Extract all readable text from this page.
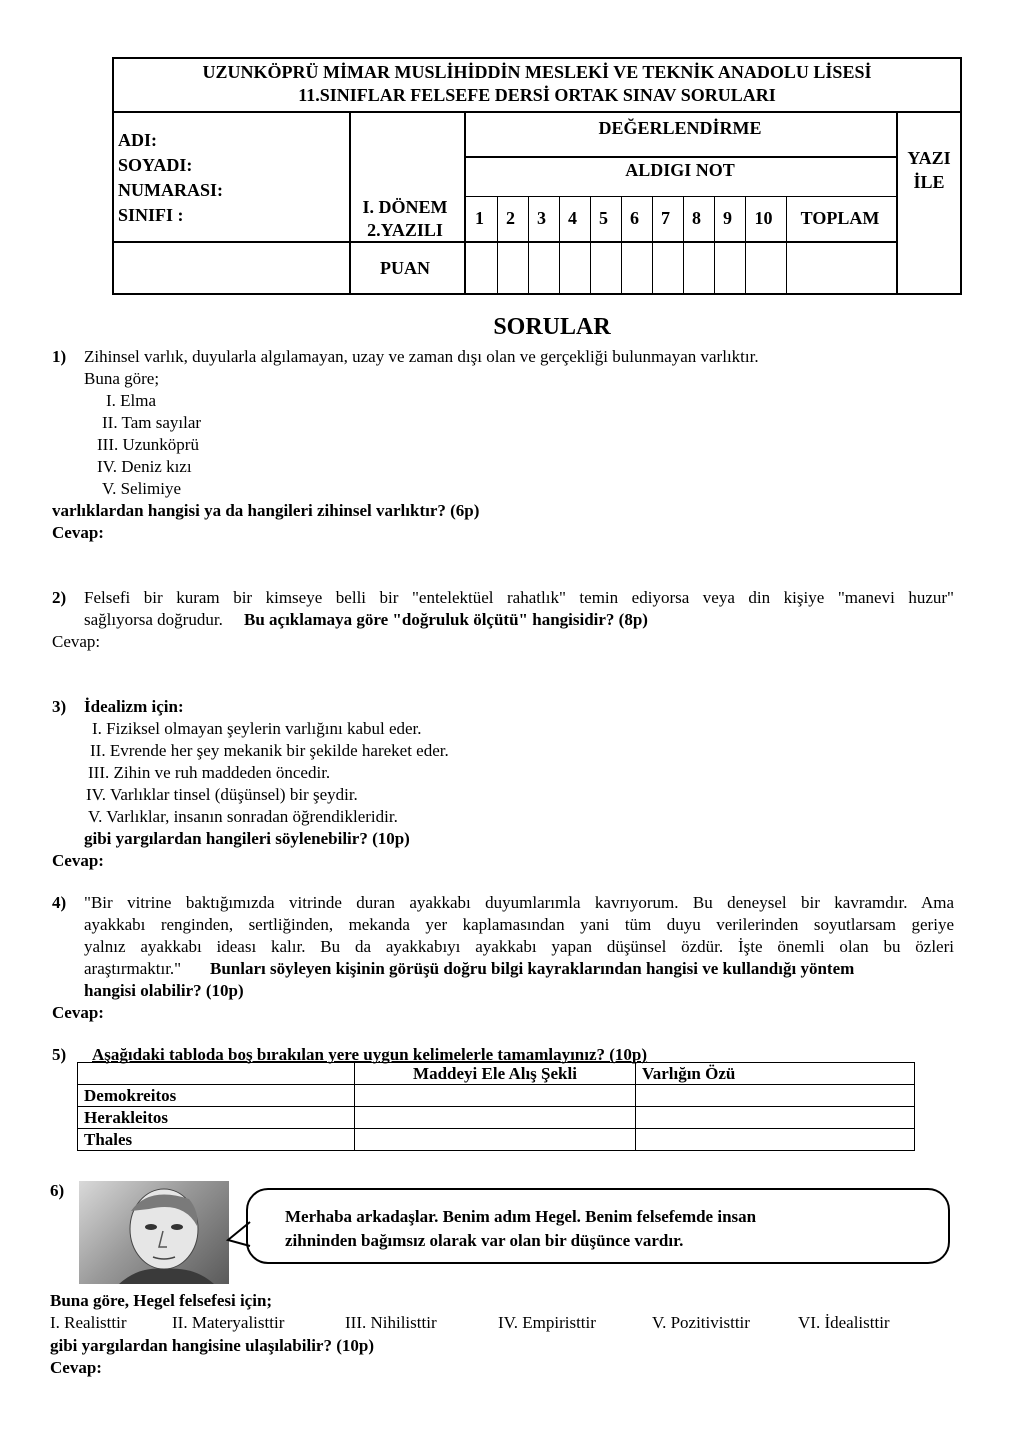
UZUNKÖPRÜ MİMAR MUSLİHİDDİN MESLEKİ VE TEKNİK ANADOLU LİSESİ
11.SINIFLAR FELSEFE DERSİ ORTAK SINAV SORULARI
ADI:
SOYADI:
NUMARASI:
SINIFI :	I. DÖNEM
2.YAZILI
PUAN
DEĞERLENDİRME
ALDIGI NOT
1	2	3	4	5	6	7	8	9	10	TOPLAM
YAZI
İLE
SORULAR
1) Zihinsel varlık, duyularla algılamayan, uzay ve zaman dışı olan ve gerçekliği bulunmayan varlıktır.
Buna göre;
I. Elma
II. Tam sayılar
III. Uzunköprü
IV. Deniz kızı
V. Selimiye
varlıklardan hangisi ya da hangileri zihinsel varlıktır? (6p)
Cevap:
2) Felsefi bir kuram bir kimseye belli bir "entelektüel rahatlık" temin ediyorsa veya din kişiye "manevi huzur"
sağlıyorsa doğrudur. Bu açıklamaya göre "doğruluk ölçütü" hangisidir? (8p)
Cevap:
3) İdealizm için:
I. Fiziksel olmayan şeylerin varlığını kabul eder.
II. Evrende her şey mekanik bir şekilde hareket eder.
III. Zihin ve ruh maddeden öncedir.
IV. Varlıklar tinsel (düşünsel) bir şeydir.
V. Varlıklar, insanın sonradan öğrendikleridir.
gibi yargılardan hangileri söylenebilir? (10p)
Cevap:
4) "Bir vitrine baktığımızda vitrinde duran ayakkabı duyumlarımla kavrıyorum. Bu deneysel bir kavramdır. Ama
ayakkabı renginden, sertliğinden, mekanda yer kaplamasından yani tüm duyu verilerinden soyutlarsam geriye
yalnız ayakkabı ideası kalır. Bu da ayakkabıyı ayakkabı yapan düşünsel özdür. İşte önemli olan bu özleri
araştırmaktır." Bunları söyleyen kişinin görüşü doğru bilgi kayraklarından hangisi ve kullandığı yöntem
hangisi olabilir? (10p)
Cevap:
5) Aşağıdaki tabloda boş bırakılan yere uygun kelimelerle tamamlayınız? (10p)
	Maddeyi Ele Alış Şekli	Varlığın Özü
Demokreitos		
Herakleitos		
Thales		
6)
Merhaba arkadaşlar. Benim adım Hegel. Benim felsefemde insan
zihninden bağımsız olarak var olan bir düşünce vardır.
Buna göre, Hegel felsefesi için;
I. Realisttir	II. Materyalisttir	III. Nihilisttir	IV. Empiristtir	V. Pozitivisttir	VI. İdealisttir
gibi yargılardan hangisine ulaşılabilir? (10p)
Cevap:
